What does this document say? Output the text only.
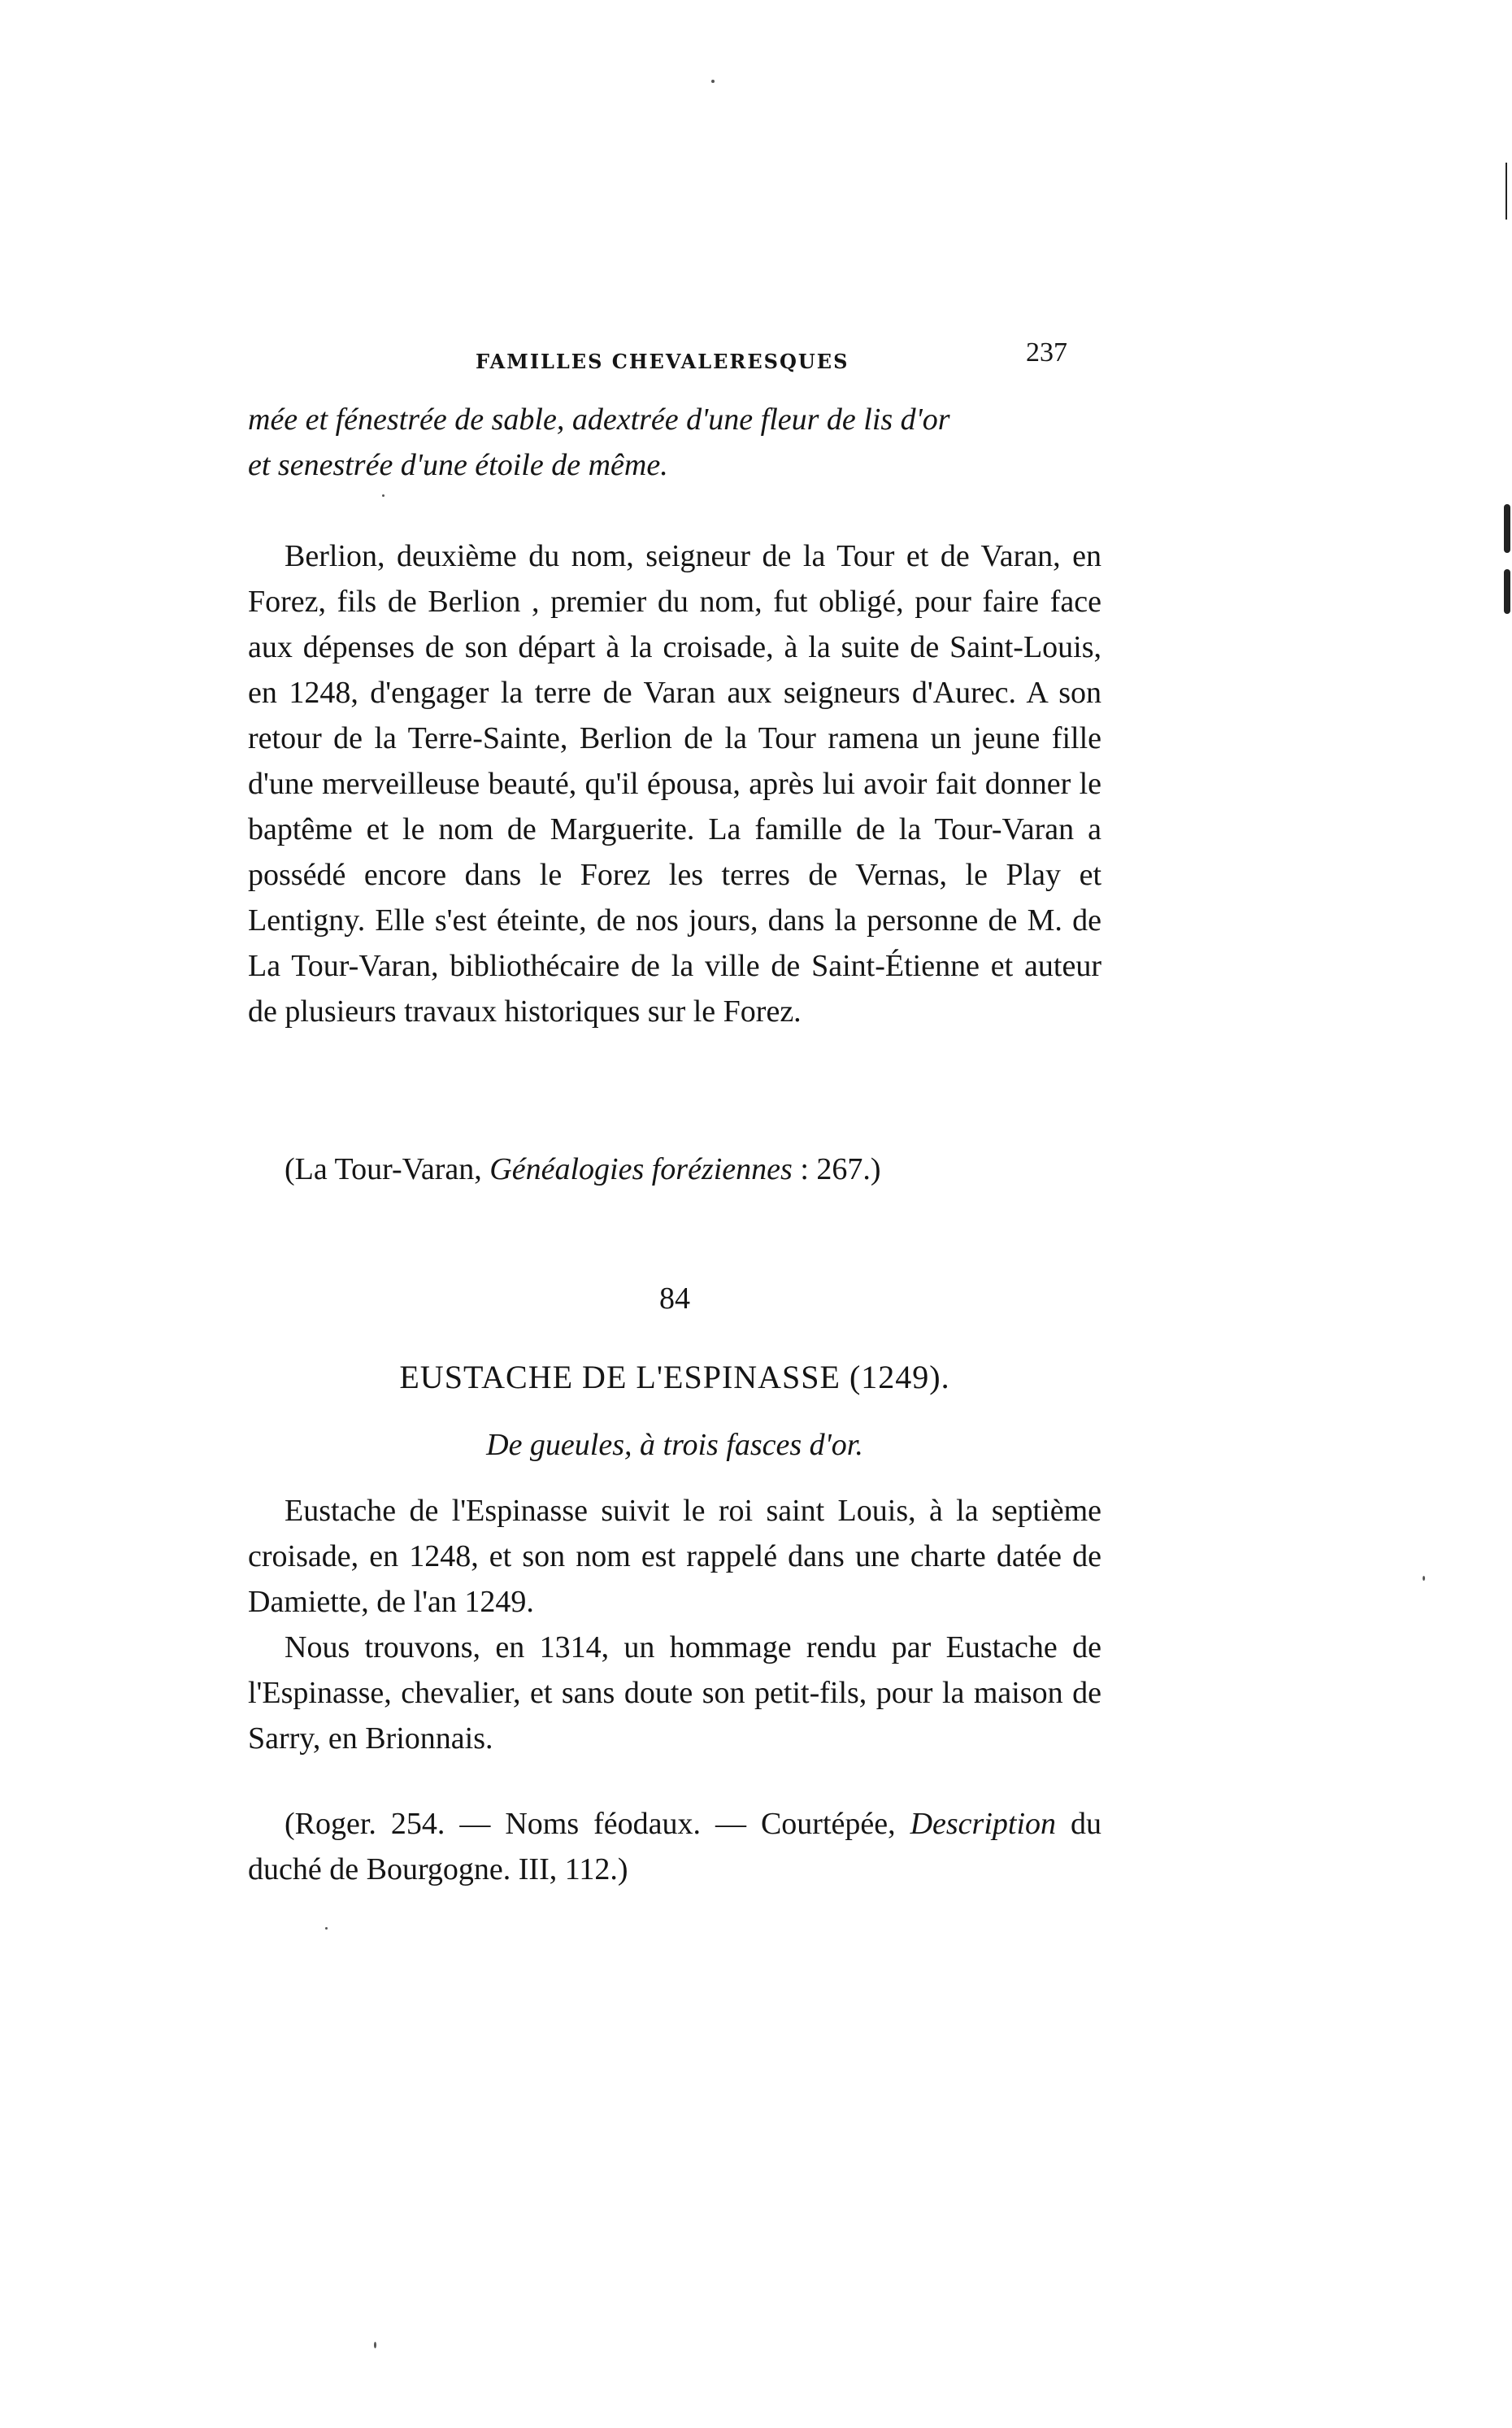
FAMILLES CHEVALERESQUES	237
mée et fénestrée de sable, adextrée d'une fleur de lis d'or
et senestrée d'une étoile de même.

Berlion, deuxième du nom, seigneur de la Tour et de Varan, en Forez, fils de Berlion , premier du nom, fut obligé, pour faire face aux dépenses de son départ à la croisade, à la suite de Saint-Louis, en 1248, d'engager la terre de Varan aux seigneurs d'Aurec. A son retour de la Terre-Sainte, Berlion de la Tour ramena un jeune fille d'une merveilleuse beauté, qu'il épousa, après lui avoir fait donner le baptême et le nom de Marguerite. La famille de la Tour-Varan a possédé encore dans le Forez les terres de Vernas, le Play et Lentigny. Elle s'est éteinte, de nos jours, dans la personne de M. de La Tour-Varan, bibliothécaire de la ville de Saint-Étienne et auteur de plusieurs travaux historiques sur le Forez.

(La Tour-Varan, Généalogies foréziennes : 267.)
84
EUSTACHE DE L'ESPINASSE (1249).
De gueules, à trois fasces d'or.

Eustache de l'Espinasse suivit le roi saint Louis, à la septième croisade, en 1248, et son nom est rappelé dans une charte datée de Damiette, de l'an 1249.

Nous trouvons, en 1314, un hommage rendu par Eustache de l'Espinasse, chevalier, et sans doute son petit-fils, pour la maison de Sarry, en Brionnais.

(Roger. 254. — Noms féodaux. — Courtépée, Description du duché de Bourgogne. III, 112.)
